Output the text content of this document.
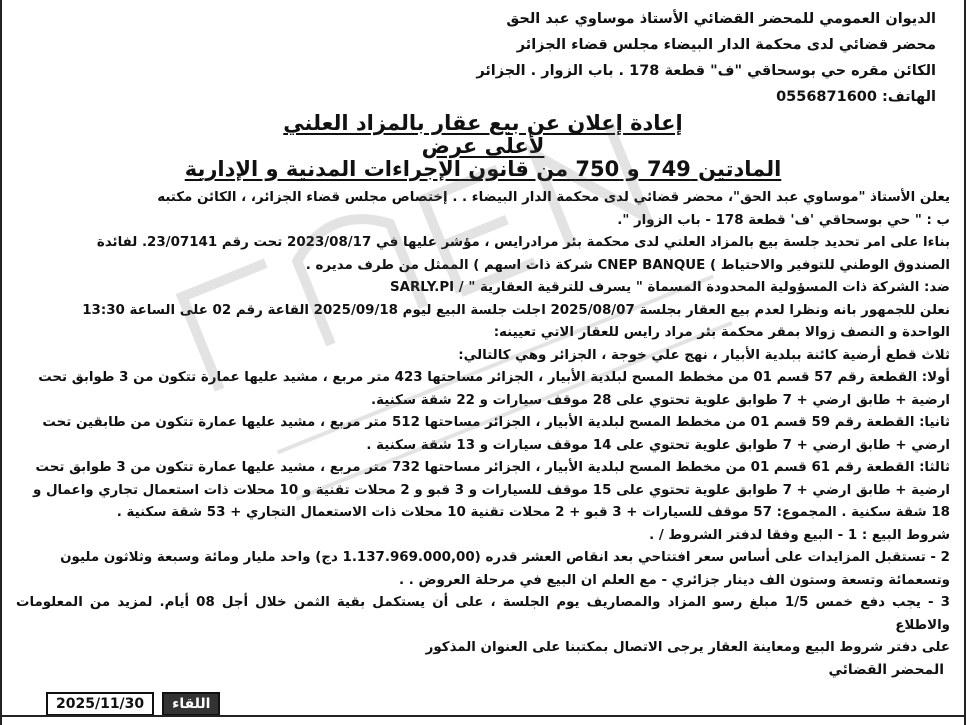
الديوان العمومي للمحضر القضائي الأستاذ موساوي عبد الحق
محضر قضائي لدى محكمة الدار البيضاء مجلس قضاء الجزائر
الكائن مقره حي بوسحاقي "ف" قطعة 178 . باب الزوار . الجزائر
الهاتف: 0556871600
إعادة إعلان عن بيع عقار بالمزاد العلني
لأعلى عرض
المادتين 749 و 750 من قانون الإجراءات المدنية و الإدارية
يعلن الأستاذ "موساوي عبد الحق"، محضر قضائي لدى محكمة الدار البيضاء . . إختصاص مجلس قضاء الجزائر، ، الكائن مكتبه
ب : " حي بوسحاقي 'ف' قطعة 178 - باب الزوار ".
بناءا على امر تحديد جلسة بيع بالمزاد العلني لدى محكمة بئر مرادرايس ، مؤشر عليها في 2023/08/17 تحت رقم 23/07141. لفائدة
الصندوق الوطني للتوفير والاحتياط ) CNEP BANQUE شركة ذات اسهم ) الممثل من طرف مديره .
ضد: الشركة ذات المسؤولية المحدودة المسماة " يسرف للترقية العقارية " / SARLY.PI
نعلن للجمهور بانه ونظرا لعدم بيع العقار بجلسة 2025/08/07 اجلت جلسة البيع ليوم 2025/09/18 القاعة رقم 02 على الساعة 13:30
الواحدة و النصف زوالا بمقر محكمة بئر مراد رايس للعقار الاتي تعيينه:
ثلاث قطع أرضية كائنة ببلدية الأبيار ، نهج علي خوجة ، الجزائر وهي كالتالي:
أولا: القطعة رقم 57 قسم 01 من مخطط المسح لبلدية الأبيار ، الجزائر مساحتها 423 متر مربع ، مشيد عليها عمارة تتكون من 3 طوابق تحت
ارضية + طابق ارضي + 7 طوابق علوية تحتوي على 28 موقف سيارات و 22 شقة سكنية.
ثانيا: القطعة رقم 59 قسم 01 من مخطط المسح لبلدية الأبيار ، الجزائر مساحتها 512 متر مربع ، مشيد عليها عمارة تتكون من طابقين تحت
ارضي + طابق ارضي + 7 طوابق علوية تحتوي على 14 موقف سيارات و 13 شقة سكنية .
ثالثا: القطعة رقم 61 قسم 01 من مخطط المسح لبلدية الأبيار ، الجزائر مساحتها 732 متر مربع ، مشيد عليها عمارة تتكون من 3 طوابق تحت
ارضية + طابق ارضي + 7 طوابق علوية تحتوي على 15 موقف للسيارات و 3 قبو و 2 محلات تقنية و 10 محلات ذات استعمال تجاري واعمال و
18 شقة سكنية . المجموع: 57 موقف للسيارات + 3 قبو + 2 محلات تقنية 10 محلات ذات الاستعمال التجاري + 53 شقة سكنية .
شروط البيع : 1 - البيع وفقا لدفتر الشروط / .
2 - تستقبل المزايدات على أساس سعر افتتاحي بعد انقاص العشر قدره (1.137.969.000,00 دج) واحد مليار ومائة وسبعة وثلاثون مليون
وتسعمائة وتسعة وستون الف دينار جزائري - مع العلم ان البيع في مرحلة العروض . .
3 - يجب دفع خمس 1/5 مبلغ رسو المزاد والمصاريف يوم الجلسة ، على أن يستكمل بقية الثمن خلال أجل 08 أيام. لمزيد من المعلومات والاطلاع
على دفتر شروط البيع ومعاينة العقار يرجى الاتصال بمكتبنا على العنوان المذكور
المحضر القضائي
2025/11/30	اللقاء
